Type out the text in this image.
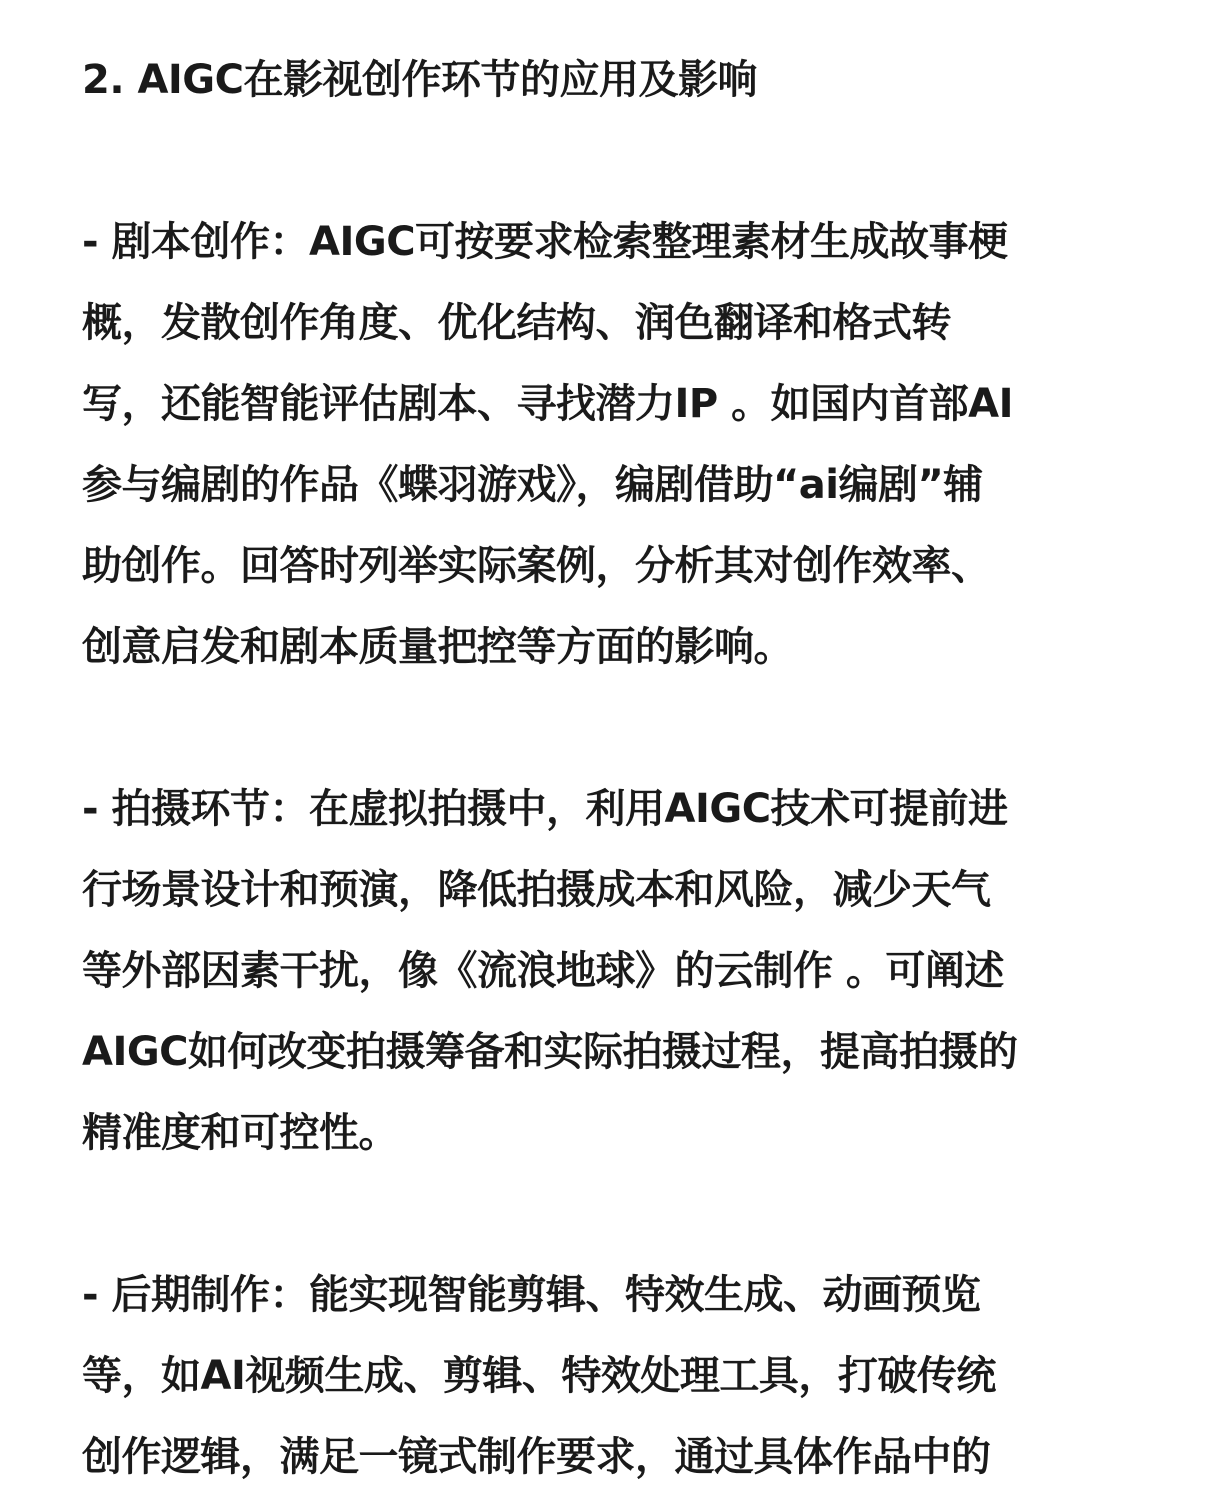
2. AIGC在影视创作环节的应用及影响
- 剧本创作：AIGC可按要求检索整理素材生成故事梗
概，发散创作角度、优化结构、润色翻译和格式转
写，还能智能评估剧本、寻找潜力IP 。如国内首部AI
参与编剧的作品《蝶羽游戏》，编剧借助“ai编剧”辅
助创作。回答时列举实际案例，分析其对创作效率、
创意启发和剧本质量把控等方面的影响。
- 拍摄环节：在虚拟拍摄中，利用AIGC技术可提前进
行场景设计和预演，降低拍摄成本和风险，减少天气
等外部因素干扰，像《流浪地球》的云制作 。可阐述
AIGC如何改变拍摄筹备和实际拍摄过程，提高拍摄的
精准度和可控性。
- 后期制作：能实现智能剪辑、特效生成、动画预览
等，如AI视频生成、剪辑、特效处理工具，打破传统
创作逻辑，满足一镜式制作要求，通过具体作品中的
